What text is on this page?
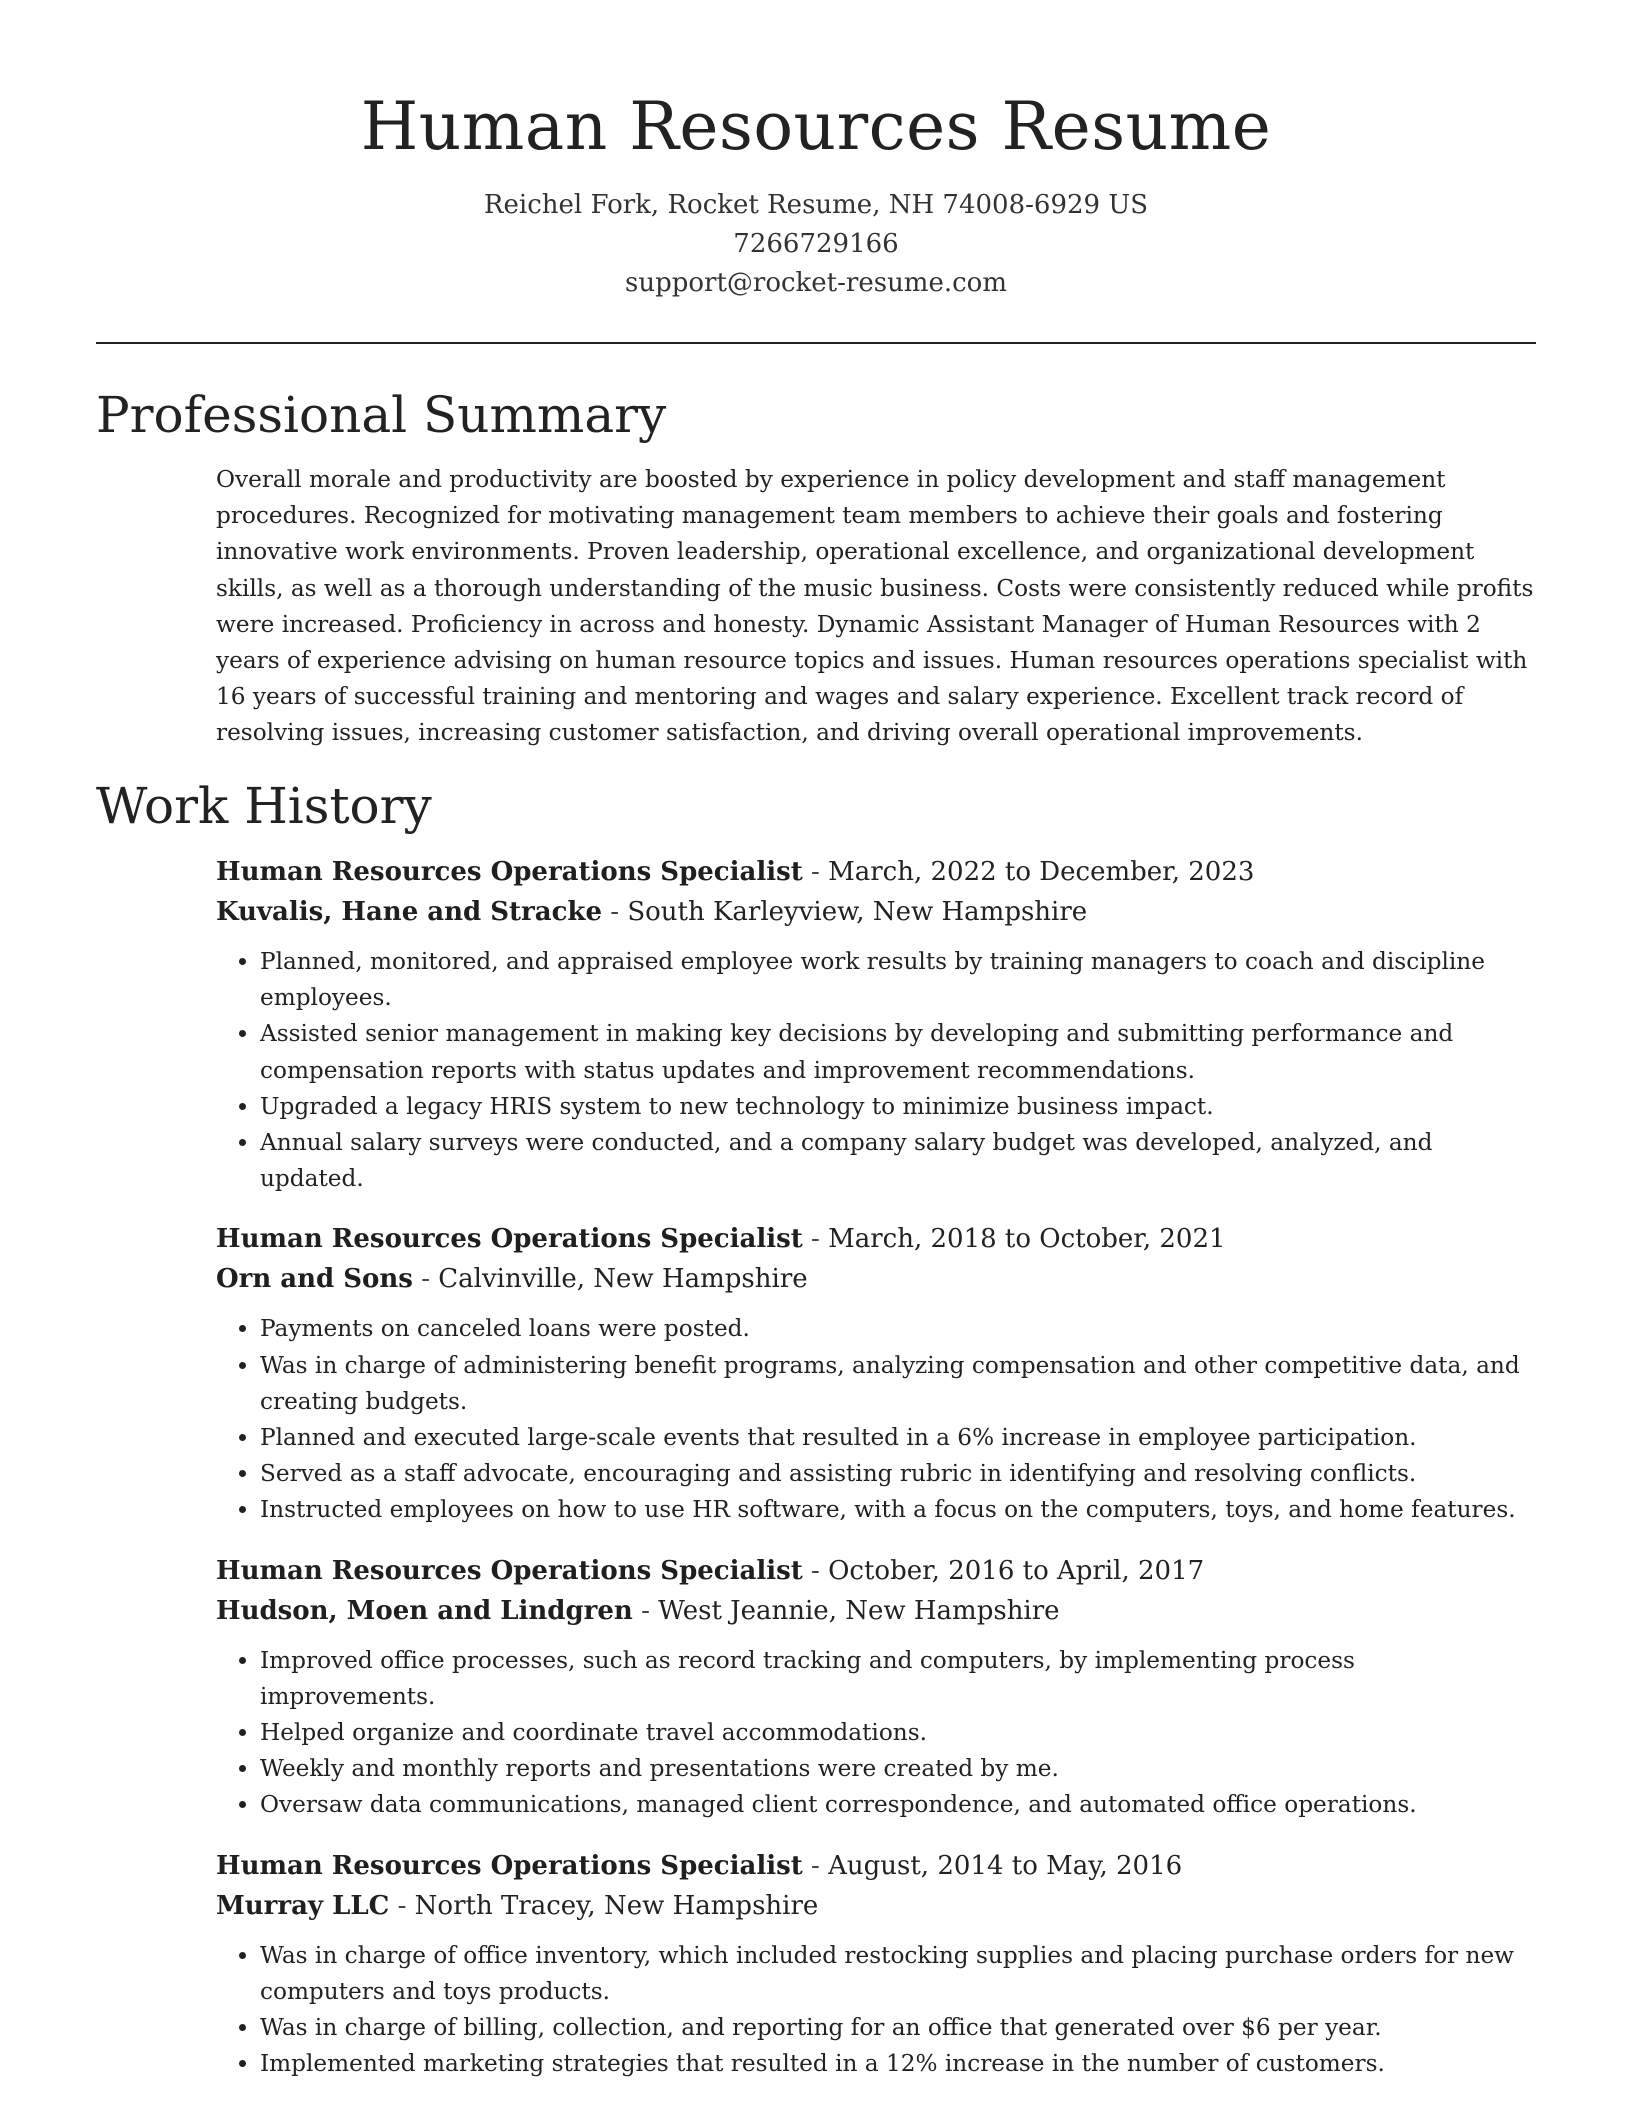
Human Resources Resume
Reichel Fork, Rocket Resume, NH 74008-6929 US
7266729166
support@rocket-resume.com
Professional Summary

Overall morale and productivity are boosted by experience in policy development and staff management procedures. Recognized for motivating management team members to achieve their goals and fostering innovative work environments. Proven leadership, operational excellence, and organizational development skills, as well as a thorough understanding of the music business. Costs were consistently reduced while profits were increased. Proficiency in across and honesty. Dynamic Assistant Manager of Human Resources with 2 years of experience advising on human resource topics and issues. Human resources operations specialist with 16 years of successful training and mentoring and wages and salary experience. Excellent track record of resolving issues, increasing customer satisfaction, and driving overall operational improvements.

Work History
Human Resources Operations Specialist - March, 2022 to December, 2023
Kuvalis, Hane and Stracke - South Karleyview, New Hampshire
• Planned, monitored, and appraised employee work results by training managers to coach and discipline employees.
• Assisted senior management in making key decisions by developing and submitting performance and compensation reports with status updates and improvement recommendations.
• Upgraded a legacy HRIS system to new technology to minimize business impact.
• Annual salary surveys were conducted, and a company salary budget was developed, analyzed, and updated.
Human Resources Operations Specialist - March, 2018 to October, 2021
Orn and Sons - Calvinville, New Hampshire
• Payments on canceled loans were posted.
• Was in charge of administering benefit programs, analyzing compensation and other competitive data, and creating budgets.
• Planned and executed large-scale events that resulted in a 6% increase in employee participation.
• Served as a staff advocate, encouraging and assisting rubric in identifying and resolving conflicts.
• Instructed employees on how to use HR software, with a focus on the computers, toys, and home features.
Human Resources Operations Specialist - October, 2016 to April, 2017
Hudson, Moen and Lindgren - West Jeannie, New Hampshire
• Improved office processes, such as record tracking and computers, by implementing process improvements.
• Helped organize and coordinate travel accommodations.
• Weekly and monthly reports and presentations were created by me.
• Oversaw data communications, managed client correspondence, and automated office operations.
Human Resources Operations Specialist - August, 2014 to May, 2016
Murray LLC - North Tracey, New Hampshire
• Was in charge of office inventory, which included restocking supplies and placing purchase orders for new computers and toys products.
• Was in charge of billing, collection, and reporting for an office that generated over $6 per year.
• Implemented marketing strategies that resulted in a 12% increase in the number of customers.
